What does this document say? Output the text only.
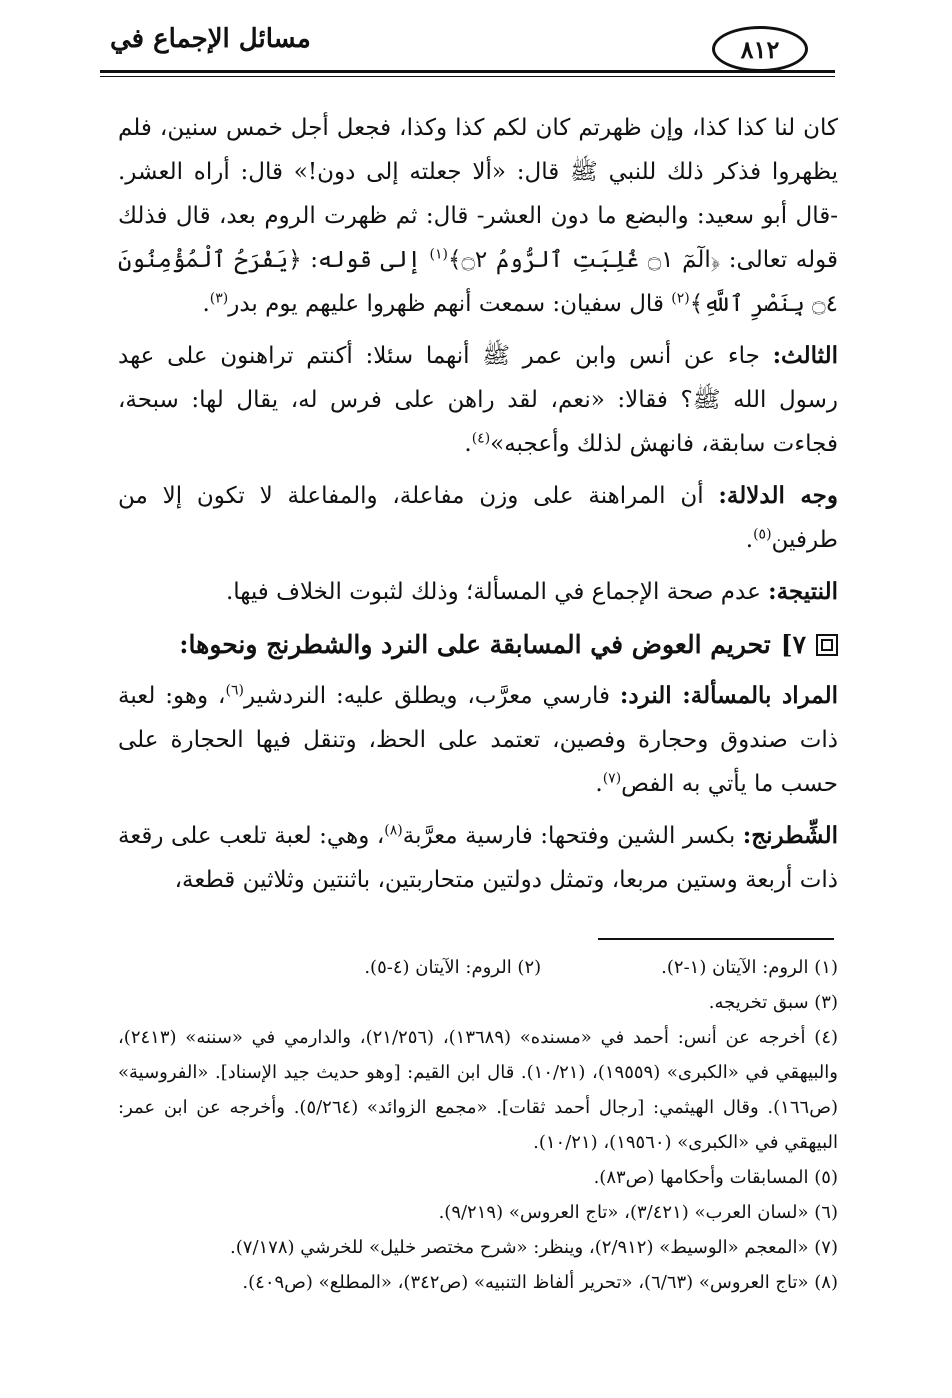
مسائل الإجماع في	٨١٢

كان لنا كذا كذا، وإن ظهرتم كان لكم كذا وكذا، فجعل أجل خمس سنين، فلم يظهروا فذكر ذلك للنبي ﷺ قال: «ألا جعلته إلى دون!» قال: أراه العشر. -قال أبو سعيد: والبضع ما دون العشر- قال: ثم ظهرت الروم بعد، قال فذلك قوله تعالى: ﴿الٓمٓ ۝١ غُلِبَتِ ٱلرُّومُ ۝٢﴾$^{(١)}$ إلى قوله: ﴿يَفْرَحُ ٱلْمُؤْمِنُونَ ۝٤ بِنَصْرِ ٱللَّهِ﴾$^{(٢)}$ قال سفيان: سمعت أنهم ظهروا عليهم يوم بدر$^{(٣)}$.

الثالث: جاء عن أنس وابن عمر ﷺ أنهما سئلا: أكنتم تراهنون على عهد رسول الله ﷺ؟ فقالا: «نعم، لقد راهن على فرس له، يقال لها: سبحة، فجاءت سابقة، فانهش لذلك وأعجبه»$^{(٤)}$.

وجه الدلالة: أن المراهنة على وزن مفاعلة، والمفاعلة لا تكون إلا من طرفين$^{(٥)}$.

النتيجة: عدم صحة الإجماع في المسألة؛ وذلك لثبوت الخلاف فيها.

٧]
تحريم العوض في المسابقة على النرد والشطرنج ونحوها:

المراد بالمسألة: النرد: فارسي معرَّب، ويطلق عليه: النردشير$^{(٦)}$، وهو: لعبة ذات صندوق وحجارة وفصين، تعتمد على الحظ، وتنقل فيها الحجارة على حسب ما يأتي به الفص$^{(٧)}$.

الشِّطرنج: بكسر الشين وفتحها: فارسية معرَّبة$^{(٨)}$، وهي: لعبة تلعب على رقعة ذات أربعة وستين مربعا، وتمثل دولتين متحاربتين، باثنتين وثلاثين قطعة،

(١) الروم: الآيتان (١-٢).

(٢) الروم: الآيتان (٤-٥).

(٣) سبق تخريجه.

(٤) أخرجه عن أنس: أحمد في «مسنده» (١٣٦٨٩)، (٢١/٢٥٦)، والدارمي في «سننه» (٢٤١٣)، والبيهقي في «الكبرى» (١٩٥٥٩)، (١٠/٢١). قال ابن القيم: [وهو حديث جيد الإسناد]. «الفروسية» (ص١٦٦). وقال الهيثمي: [رجال أحمد ثقات]. «مجمع الزوائد» (٥/٢٦٤). وأخرجه عن ابن عمر: البيهقي في «الكبرى» (١٩٥٦٠)، (١٠/٢١).

(٥) المسابقات وأحكامها (ص٨٣).

(٦) «لسان العرب» (٣/٤٢١)، «تاج العروس» (٩/٢١٩).

(٧) «المعجم «الوسيط» (٢/٩١٢)، وينظر: «شرح مختصر خليل» للخرشي (٧/١٧٨).

(٨) «تاج العروس» (٦/٦٣)، «تحرير ألفاظ التنبيه» (ص٣٤٢)، «المطلع» (ص٤٠٩).
